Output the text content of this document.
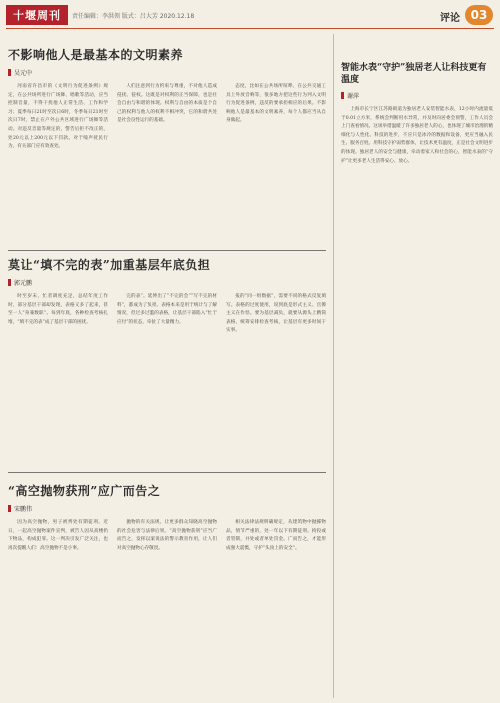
十堰周刊	责任编辑：李洪领 版式：吕大芳 2020.12.18	评论 03
不影响他人是最基本的文明素养
吴元中
河南省许昌市的《文明行为促进条例》规定，在公共场所进行广场舞、唱歌等活动，应当控制音量，不得干扰他人正常生活、工作和学习；夏季每日21时至次日6时，冬季每日21时至次日7时，禁止在户外公共区域进行广场舞等活动。对违反音量等规定的，警告后拒不改正的，处20元以上200元以下罚款。对于噪声扰民行为，有关部门应有效查处。
人们注意到行为约束与尊重，不对他人造成侵扰、侵权。这既是对权利的正当保障，也是社会自由与和谐的体现。权利与自由的本质是个自己的权利与他人的权利不相冲突，它的和谐共处是社会良性运行的基础。
态度，比如在公共场所喧哗、在公共交通工具上外放音响等，很多地方把这些行为列入文明行为促进条例，违反的要承担相应的后果。不影响他人是最基本的文明素养，每个人都应当从自身做起。
莫让“填不完的表”加重基层年底负担
郭元鹏
时至岁末，忙者调度充足，总结年度工作时，部分基层干部却发现，表格又多了起来，甚至一人“身兼数职”。每到年底，各种检查考核扎堆，“填不完的表”成了基层干部的困扰。
完的表”。延伸出了“不完的会”“写不完的材料”，都成为了负担。表格本来是用于统计与了解情况，但过多过滥的表格，让基层干部陷入“忙于应付”的状态，牵扯了大量精力。
报的“同一组数据”，需要不同的格式反复填写。表格的过度使用，说到底是形式主义、官僚主义在作怪。要为基层减负，就要从源头上精简表格，统筹安排检查考核，让基层有更多时间干实事。
“高空抛物获刑”应广而告之
宋鹏伟
因为高空抛物，男子被判处有期徒刑。近日，一起高空抛物案件宣判，被告人因从高楼扔下物品，构成犯罪。这一判决引发广泛关注，也再次提醒人们：高空抛物不是小事。
抛物的有关法规，让更多群众知晓高空抛物的社会危害与法律后果。“高空抛物获刑”应当广而告之，发挥以案说法的警示教育作用，让人们对高空抛物心存敬畏。
相关法律法规明确规定，从建筑物中抛掷物品，情节严重的，处一年以下有期徒刑、拘役或者管制，并处或者单处罚金。广而告之，才能形成强大震慑，守护“头顶上的安全”。
智能水表“守护”独居老人让科技更有温度
谢萍
上海市长宁区江苏路街道为独居老人安装智能水表，12小时内流量低于0.01立方米，系统会判断用水异常，并及时向居委会预警，工作人员会上门查看情况。这项举措温暖了许多独居老人的心，也体现了城市治理的精细化与人性化。科技的进步，不应只是冰冷的数据和设备，更应当融入民生、服务百姓。用科技守护弱势群体，让技术更有温度，正是社会文明进步的体现。独居老人的安全与健康，牵动着家人和社会的心，智能水表的“守护”让更多老人生活得安心、放心。
